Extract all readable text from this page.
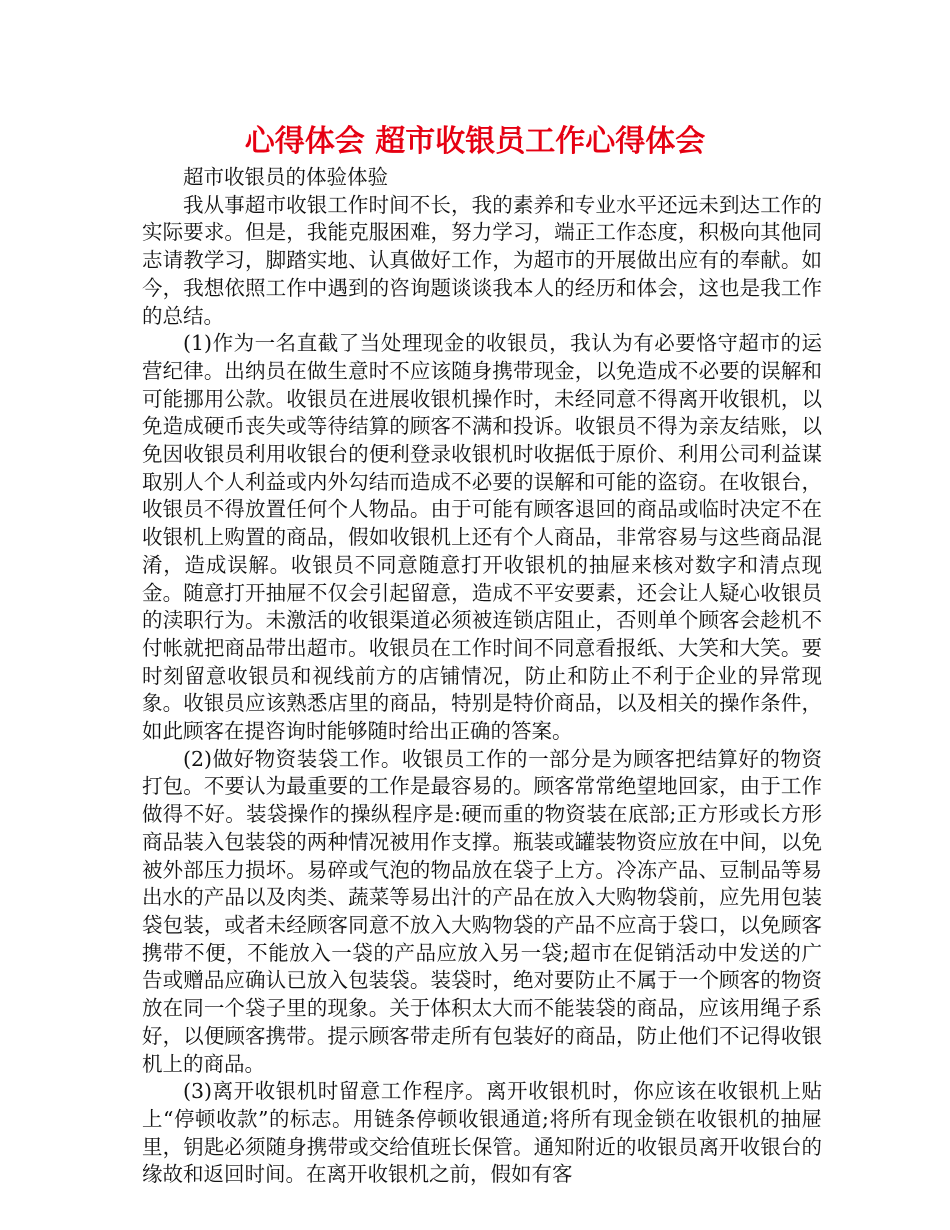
心得体会 超市收银员工作心得体会

超市收银员的体验体验

我从事超市收银工作时间不长，我的素养和专业水平还远未到达工作的实际要求。但是，我能克服困难，努力学习，端正工作态度，积极向其他同志请教学习，脚踏实地、认真做好工作，为超市的开展做出应有的奉献。如今，我想依照工作中遇到的咨询题谈谈我本人的经历和体会，这也是我工作的总结。

(1)作为一名直截了当处理现金的收银员，我认为有必要恪守超市的运营纪律。出纳员在做生意时不应该随身携带现金，以免造成不必要的误解和可能挪用公款。收银员在进展收银机操作时，未经同意不得离开收银机，以免造成硬币丧失或等待结算的顾客不满和投诉。收银员不得为亲友结账，以免因收银员利用收银台的便利登录收银机时收据低于原价、利用公司利益谋取别人个人利益或内外勾结而造成不必要的误解和可能的盗窃。在收银台，收银员不得放置任何个人物品。由于可能有顾客退回的商品或临时决定不在收银机上购置的商品，假如收银机上还有个人商品，非常容易与这些商品混淆，造成误解。收银员不同意随意打开收银机的抽屉来核对数字和清点现金。随意打开抽屉不仅会引起留意，造成不平安要素，还会让人疑心收银员的渎职行为。未激活的收银渠道必须被连锁店阻止，否则单个顾客会趁机不付帐就把商品带出超市。收银员在工作时间不同意看报纸、大笑和大笑。要时刻留意收银员和视线前方的店铺情况，防止和防止不利于企业的异常现象。收银员应该熟悉店里的商品，特别是特价商品，以及相关的操作条件，如此顾客在提咨询时能够随时给出正确的答案。

(2)做好物资装袋工作。收银员工作的一部分是为顾客把结算好的物资打包。不要认为最重要的工作是最容易的。顾客常常绝望地回家，由于工作做得不好。装袋操作的操纵程序是:硬而重的物资装在底部;正方形或长方形商品装入包装袋的两种情况被用作支撑。瓶装或罐装物资应放在中间，以免被外部压力损坏。易碎或气泡的物品放在袋子上方。冷冻产品、豆制品等易出水的产品以及肉类、蔬菜等易出汁的产品在放入大购物袋前，应先用包装袋包装，或者未经顾客同意不放入大购物袋的产品不应高于袋口，以免顾客携带不便，不能放入一袋的产品应放入另一袋;超市在促销活动中发送的广告或赠品应确认已放入包装袋。装袋时，绝对要防止不属于一个顾客的物资放在同一个袋子里的现象。关于体积太大而不能装袋的商品，应该用绳子系好，以便顾客携带。提示顾客带走所有包装好的商品，防止他们不记得收银机上的商品。

(3)离开收银机时留意工作程序。离开收银机时，你应该在收银机上贴上“停顿收款”的标志。用链条停顿收银通道;将所有现金锁在收银机的抽屉里，钥匙必须随身携带或交给值班长保管。通知附近的收银员离开收银台的缘故和返回时间。在离开收银机之前，假如有客
